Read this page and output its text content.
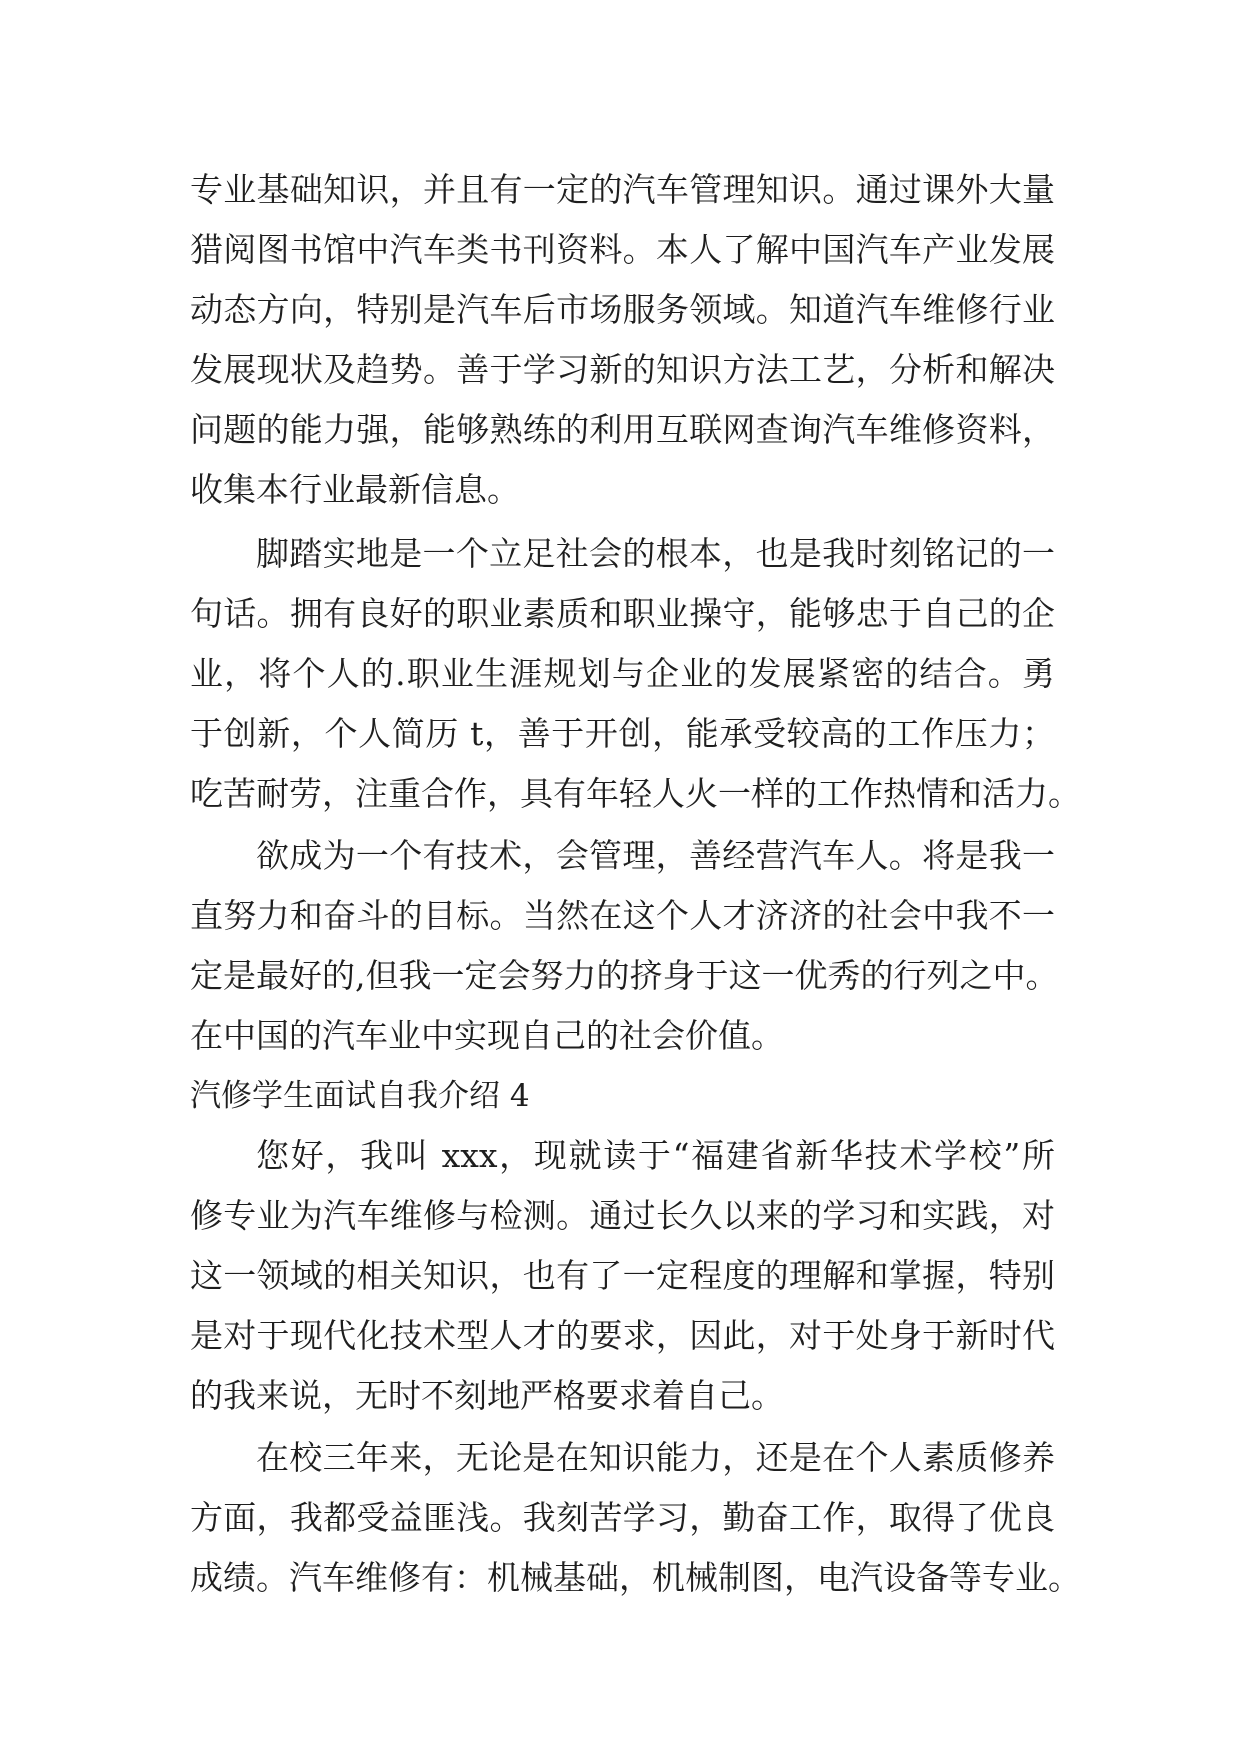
专业基础知识，并且有一定的汽车管理知识。通过课外大量
猎阅图书馆中汽车类书刊资料。本人了解中国汽车产业发展
动态方向，特别是汽车后市场服务领域。知道汽车维修行业
发展现状及趋势。善于学习新的知识方法工艺，分析和解决
问题的能力强，能够熟练的利用互联网查询汽车维修资料，
收集本行业最新信息。
脚踏实地是一个立足社会的根本，也是我时刻铭记的一
句话。拥有良好的职业素质和职业操守，能够忠于自己的企
业，将个人的.职业生涯规划与企业的发展紧密的结合。勇
于创新，个人简历 t，善于开创，能承受较高的工作压力；
吃苦耐劳，注重合作，具有年轻人火一样的工作热情和活力。
欲成为一个有技术，会管理，善经营汽车人。将是我一
直努力和奋斗的目标。当然在这个人才济济的社会中我不一
定是最好的,但我一定会努力的挤身于这一优秀的行列之中。
在中国的汽车业中实现自己的社会价值。
汽修学生面试自我介绍 4
您好，我叫 xxx，现就读于“福建省新华技术学校”所
修专业为汽车维修与检测。通过长久以来的学习和实践，对
这一领域的相关知识，也有了一定程度的理解和掌握，特别
是对于现代化技术型人才的要求，因此，对于处身于新时代
的我来说，无时不刻地严格要求着自己。
在校三年来，无论是在知识能力，还是在个人素质修养
方面，我都受益匪浅。我刻苦学习，勤奋工作，取得了优良
成绩。汽车维修有：机械基础，机械制图，电汽设备等专业。
